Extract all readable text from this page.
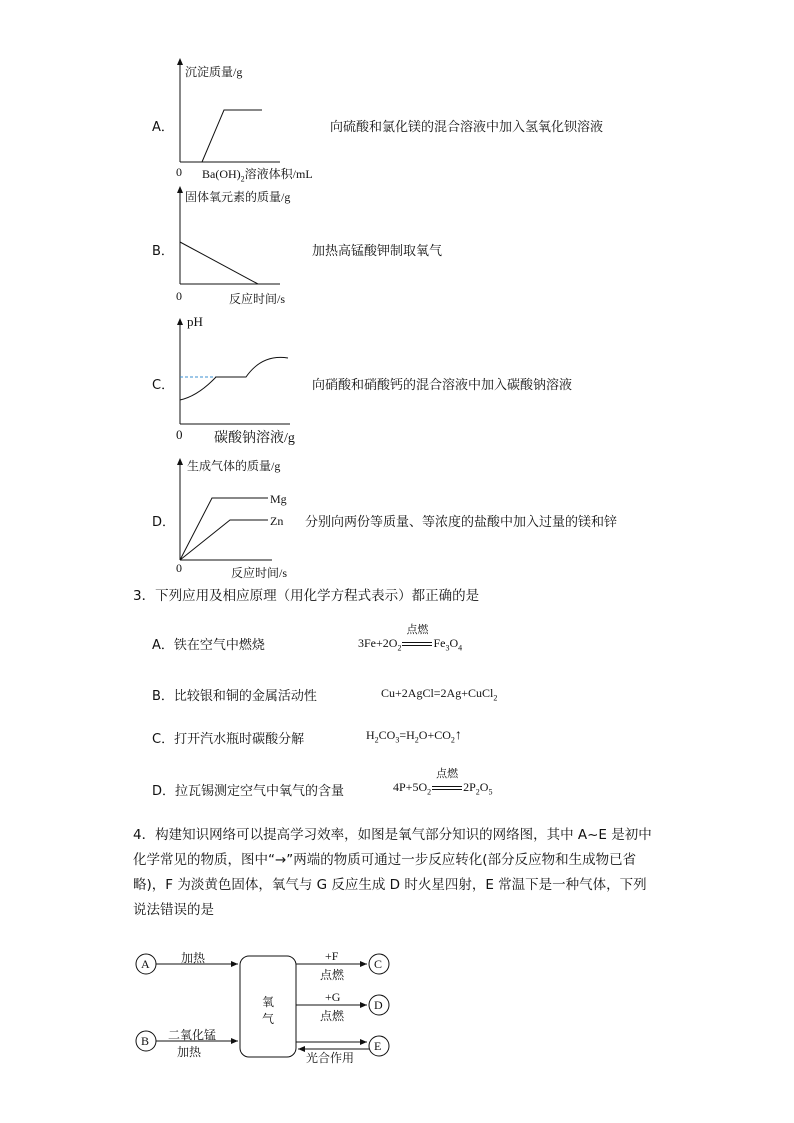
A．
沉淀质量/g
0 $Ba(OH)_2$溶液体积/mL
向硫酸和氯化镁的混合溶液中加入氢氧化钡溶液
B．
固体氧元素的质量/g
0	反应时间/s
加热高锰酸钾制取氧气
C．
pH
0 碳酸钠溶液/g
向硝酸和硝酸钙的混合溶液中加入碳酸钠溶液
D．
生成气体的质量/g
Mg
Zn
0	反应时间/s
分别向两份等质量、等浓度的盐酸中加入过量的镁和锌
3．下列应用及相应原理（用化学方程式表示）都正确的是
A．铁在空气中燃烧	$3Fe+2O_2$
点燃
$Fe_3O_4$
B．比较银和铜的金属活动性	Cu+2AgCl=2Ag+CuCl$_2$
C．打开汽水瓶时碳酸分解	$H_2CO_3=H_2O+CO_2↑$
D．拉瓦锡测定空气中氧气的含量	$4P+5O_2$
点燃
$2P_2O_5$
4．构建知识网络可以提高学习效率，如图是氧气部分知识的网络图，其中 A~E 是初中
化学常见的物质，图中“→”两端的物质可通过一步反应转化(部分反应物和生成物已省
略)，F 为淡黄色固体，氧气与 G 反应生成 D 时火星四射，E 常温下是一种气体，下列
说法错误的是
A
B
C
D
E
氧
气
加热
二氧化锰
加热
+F
点燃
+G
点燃
光合作用
